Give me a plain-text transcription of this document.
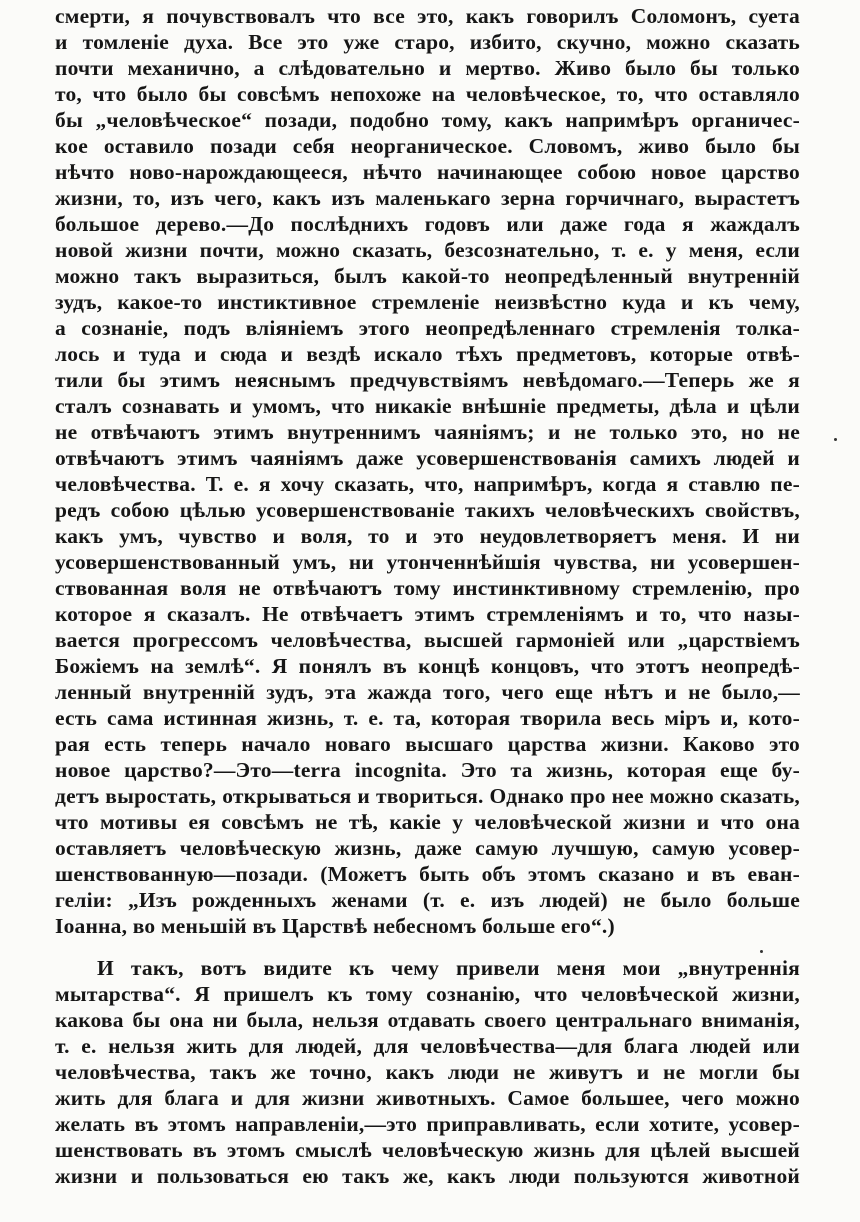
смерти, я почувствовалъ что все это, какъ говорилъ Соломонъ, суета
и томленіе духа. Все это уже старо, избито, скучно, можно сказать
почти механично, а слѣдовательно и мертво. Живо было бы только
то, что было бы совсѣмъ непохоже на человѣческое, то, что оставляло
бы „человѣческое“ позади, подобно тому, какъ напримѣръ органичес-
кое оставило позади себя неорганическое. Словомъ, живо было бы
нѣчто ново-нарождающееся, нѣчто начинающее собою новое царство
жизни, то, изъ чего, какъ изъ маленькаго зерна горчичнаго, вырастетъ
большое дерево.—До послѣднихъ годовъ или даже года я жаждалъ
новой жизни почти, можно сказать, безсознательно, т. е. у меня, если
можно такъ выразиться, былъ какой-то неопредѣленный внутренній
зудъ, какое-то инстиктивное стремленіе неизвѣстно куда и къ чему,
а сознаніе, подъ вліяніемъ этого неопредѣленнаго стремленія толка-
лось и туда и сюда и вездѣ искало тѣхъ предметовъ, которые отвѣ-
тили бы этимъ неяснымъ предчувствіямъ невѣдомаго.—Теперь же я
сталъ сознавать и умомъ, что никакіе внѣшніе предметы, дѣла и цѣли
не отвѣчаютъ этимъ внутреннимъ чаяніямъ; и не только это, но не
отвѣчаютъ этимъ чаяніямъ даже усовершенствованія самихъ людей и
человѣчества. Т. е. я хочу сказать, что, напримѣръ, когда я ставлю пе-
редъ собою цѣлью усовершенствованіе такихъ человѣческихъ свойствъ,
какъ умъ, чувство и воля, то и это неудовлетворяетъ меня. И ни
усовершенствованный умъ, ни утонченнѣйшія чувства, ни усовершен-
ствованная воля не отвѣчаютъ тому инстинктивному стремленію, про
которое я сказалъ. Не отвѣчаетъ этимъ стремленіямъ и то, что назы-
вается прогрессомъ человѣчества, высшей гармоніей или „царствіемъ
Божіемъ на землѣ“. Я понялъ въ концѣ концовъ, что этотъ неопредѣ-
ленный внутренній зудъ, эта жажда того, чего еще нѣтъ и не было,—
есть сама истинная жизнь, т. е. та, которая творила весь міръ и, кото-
рая есть теперь начало новаго высшаго царства жизни. Каково это
новое царство?—Это—terra incognita. Это та жизнь, которая еще бу-
детъ выростать, открываться и твориться. Однако про нее можно сказать,
что мотивы ея совсѣмъ не тѣ, какіе у человѣческой жизни и что она
оставляетъ человѣческую жизнь, даже самую лучшую, самую усовер-
шенствованную—позади. (Можетъ быть объ этомъ сказано и въ еван-
геліи: „Изъ рожденныхъ женами (т. е. изъ людей) не было больше
Іоанна, во меньшій въ Царствѣ небесномъ больше его“.)
И такъ, вотъ видите къ чему привели меня мои „внутреннія
мытарства“. Я пришелъ къ тому сознанію, что человѣческой жизни,
какова бы она ни была, нельзя отдавать своего центральнаго вниманія,
т. е. нельзя жить для людей, для человѣчества—для блага людей или
человѣчества, такъ же точно, какъ люди не живутъ и не могли бы
жить для блага и для жизни животныхъ. Самое большее, чего можно
желать въ этомъ направленіи,—это приправливать, если хотите, усовер-
шенствовать въ этомъ смыслѣ человѣческую жизнь для цѣлей высшей
жизни и пользоваться ею такъ же, какъ люди пользуются животной
